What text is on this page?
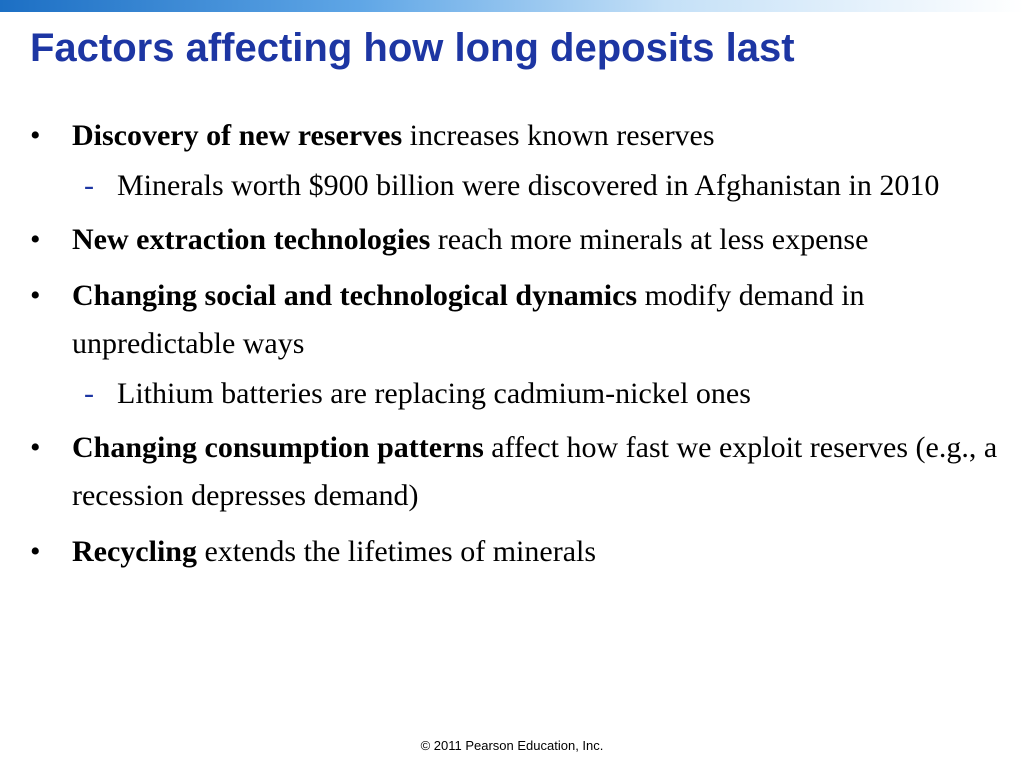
Factors affecting how long deposits last
•	Discovery of new reserves increases known reserves
- Minerals worth $900 billion were discovered in Afghanistan in 2010
•	New extraction technologies reach more minerals at less expense
•	Changing social and technological dynamics modify demand in unpredictable ways
- Lithium batteries are replacing cadmium-nickel ones
•	Changing consumption patterns affect how fast we exploit reserves (e.g., a recession depresses demand)
•	Recycling extends the lifetimes of minerals
© 2011 Pearson Education, Inc.
